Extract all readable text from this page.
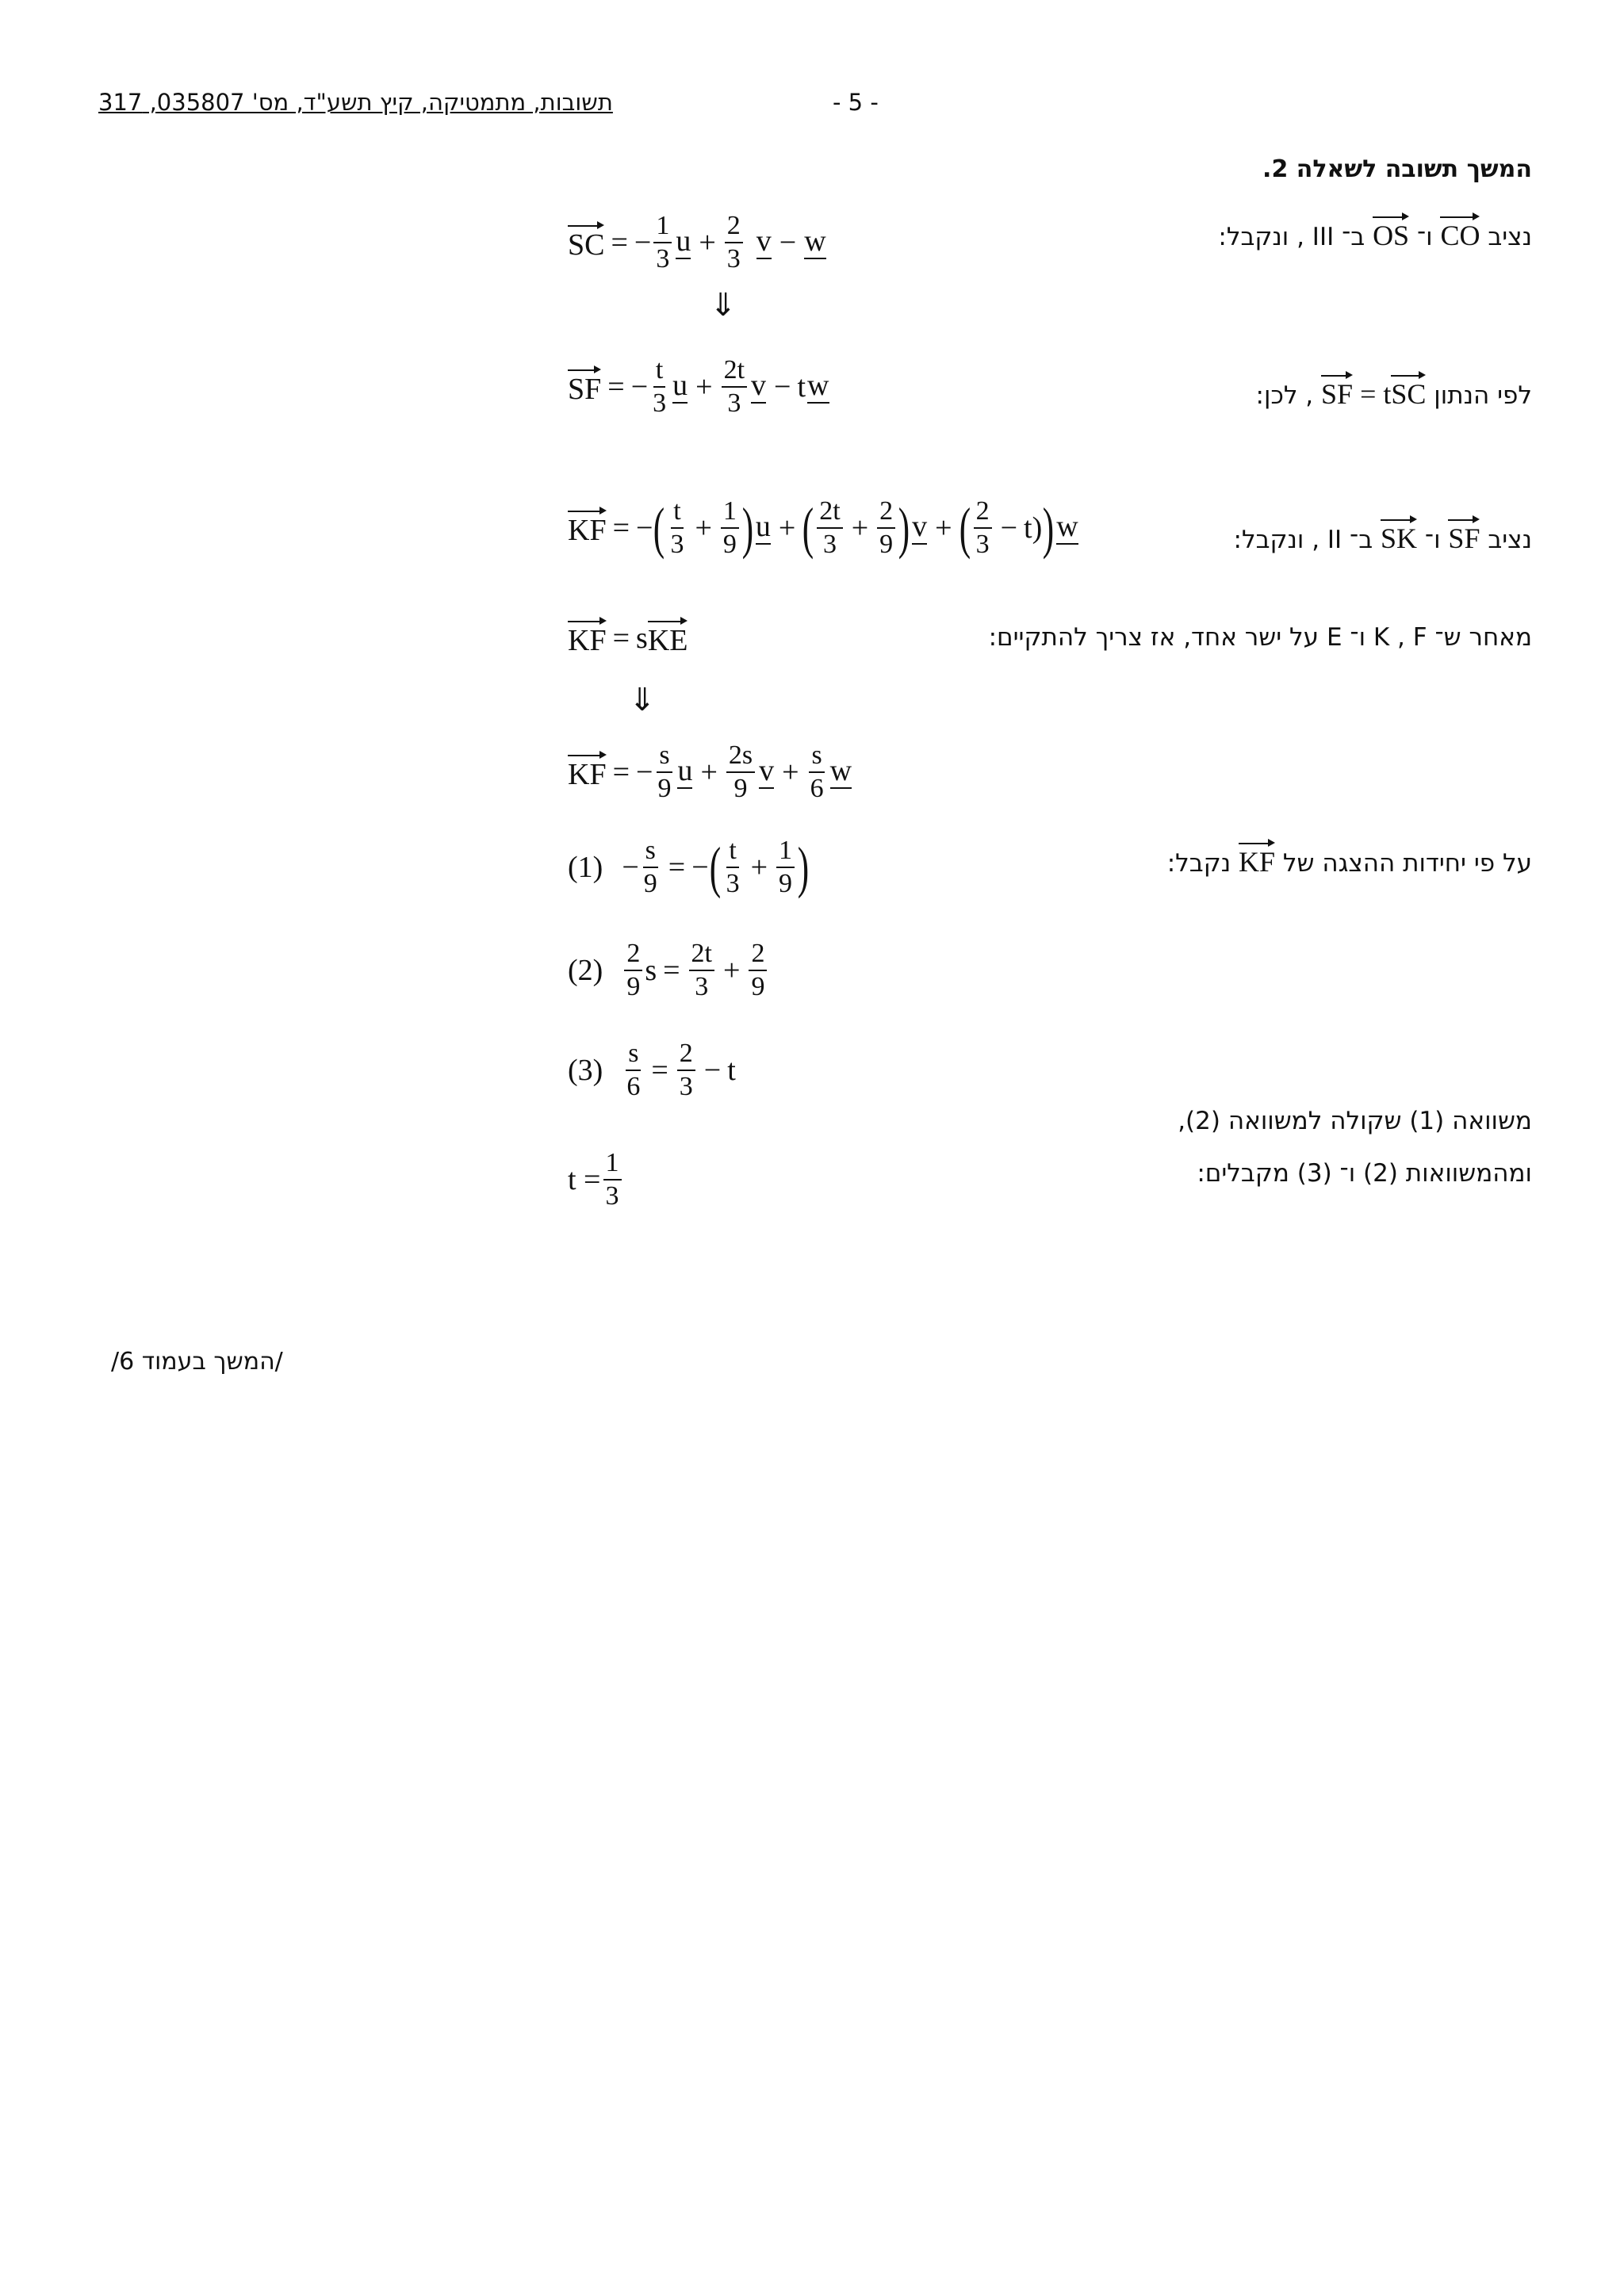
תשובות, מתמטיקה, קיץ תשע"ד, מס' 035807, 317	- 5 -
המשך תשובה לשאלה 2.
נציב CO ו־ OS ב־ III , ונקבל:
SC = − $\frac{1}{3}$ $u + \frac{2}{3}$ v − w
⇓
לפי הנתון SF = tSC , לכן:
SF = − $\frac{t}{3}$ $u + \frac{2t}{3}$ v − t w
נציב SF ו־ SK ב־ II , ונקבל:
KF = − ( $\frac{t}{3} + \frac{1}{9}$ ) u + ( $\frac{2t}{3} + \frac{2}{9}$ ) v + ( $\frac{2}{3} - t$) ) w
מאחר ש־ K , F ו־ E על ישר אחד, אז צריך להתקיים:
KF = s KE
⇓
KF = − $\frac{s}{9}$ $u + \frac{2s}{9}$ $v + \frac{s}{6}$ w
על פי יחידות ההצגה של KF נקבל:
$(1) - \frac{s}{9}$ = − ( $\frac{t}{3} + \frac{1}{9}$ )
$(2) \frac{2}{9}$ $s = \frac{2t}{3} + \frac{2}{9}$
$(3) \frac{s}{6} = \frac{2}{3} - t$
משוואה (1) שקולה למשוואה (2),
ומהמשוואות (2) ו־ (3) מקבלים:
$t = \frac{1}{3}$
/המשך בעמוד 6/
